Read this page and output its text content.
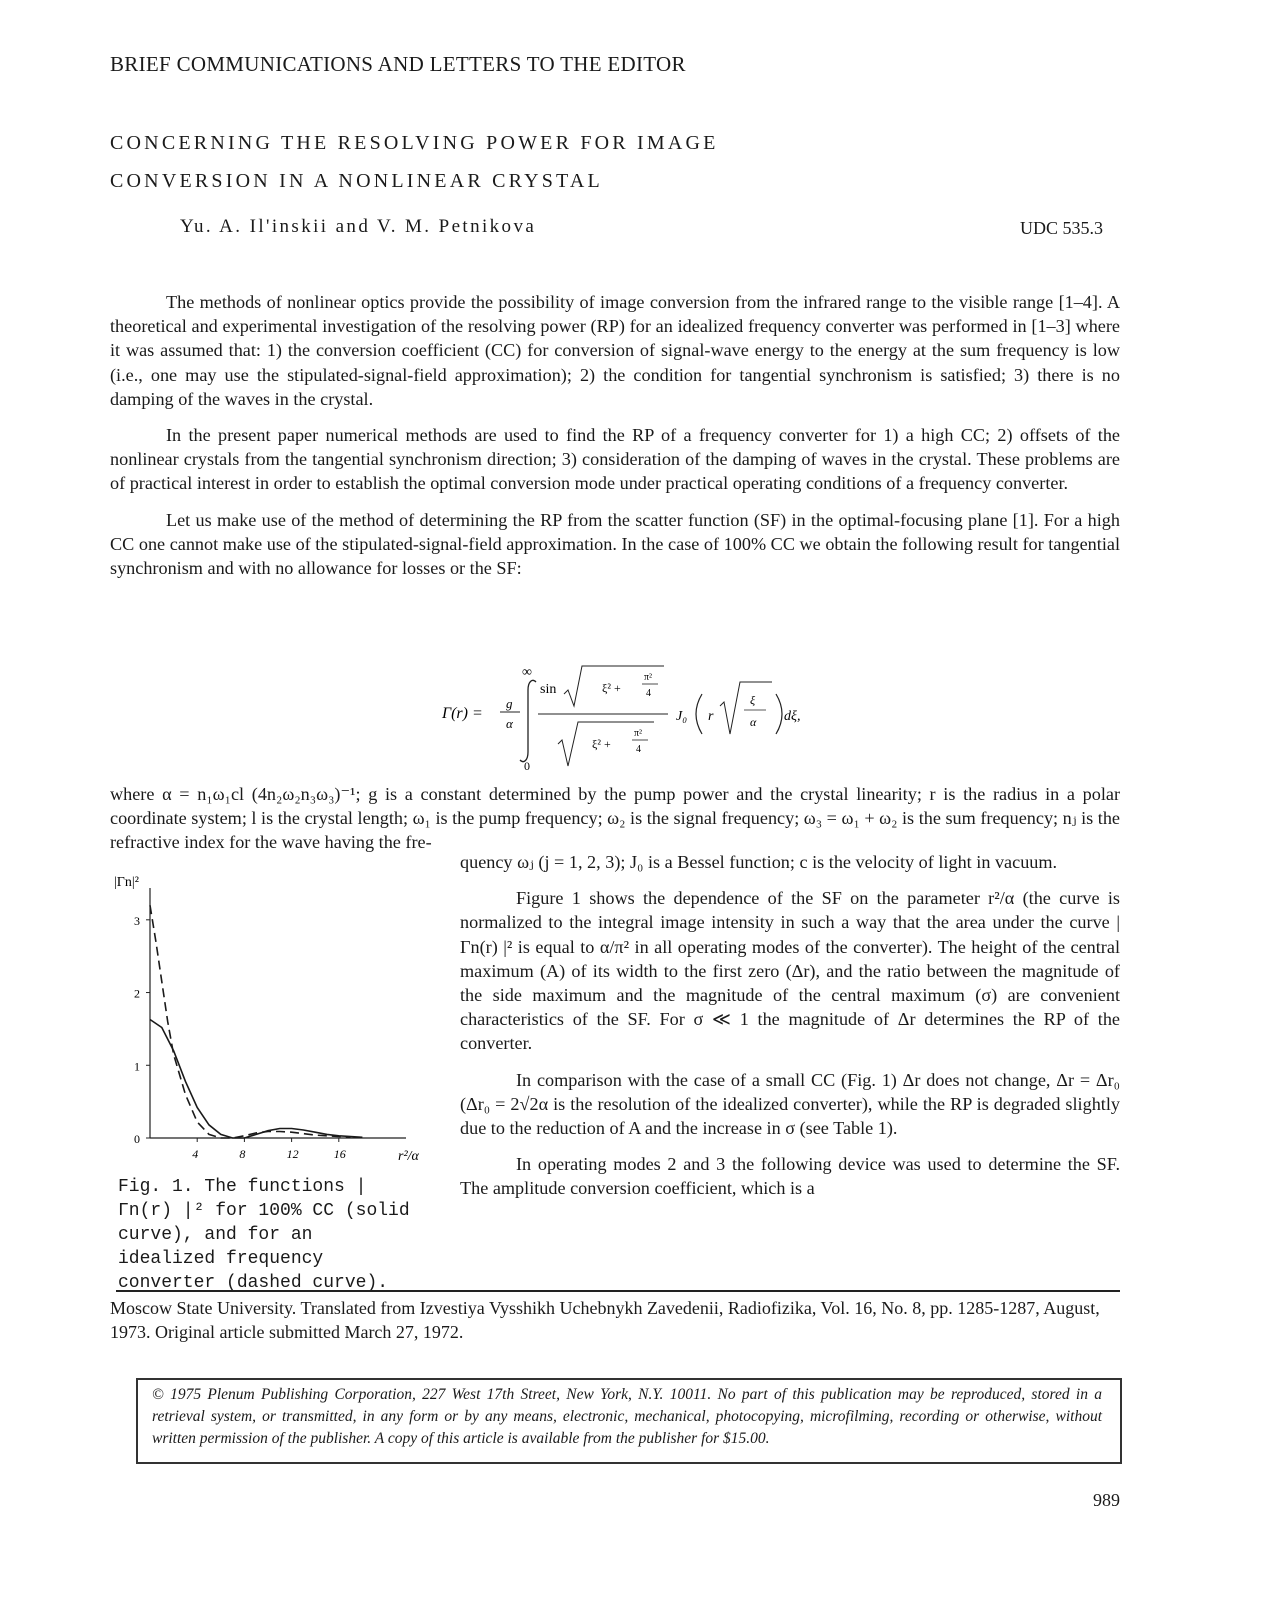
BRIEF COMMUNICATIONS AND LETTERS TO THE EDITOR
CONCERNING THE RESOLVING POWER FOR IMAGE
CONVERSION IN A NONLINEAR CRYSTAL
Yu. A. Il'inskii and V. M. Petnikova	UDC 535.3

The methods of nonlinear optics provide the possibility of image conversion from the infrared range to the visible range [1–4]. A theoretical and experimental investigation of the resolving power (RP) for an idealized frequency converter was performed in [1–3] where it was assumed that: 1) the conversion coefficient (CC) for conversion of signal-wave energy to the energy at the sum frequency is low (i.e., one may use the stipulated-signal-field approximation); 2) the condition for tangential synchronism is satisfied; 3) there is no damping of the waves in the crystal.

In the present paper numerical methods are used to find the RP of a frequency converter for 1) a high CC; 2) offsets of the nonlinear crystals from the tangential synchronism direction; 3) consideration of the damping of waves in the crystal. These problems are of practical interest in order to establish the optimal conversion mode under practical operating conditions of a frequency converter.

Let us make use of the method of determining the RP from the scatter function (SF) in the optimal-focusing plane [1]. For a high CC one cannot make use of the stipulated-signal-field approximation. In the case of 100% CC we obtain the following result for tangential synchronism and with no allowance for losses or the SF:

Γ(r) =
g
α
∞
0
sin	ξ² +
π²
4
ξ² +
π²
4
J₀ r
ξ
α dξ,

where α = n₁ω₁cl (4n₂ω₂n₃ω₃)⁻¹; g is a constant determined by the pump power and the crystal linearity; r is the radius in a polar coordinate system; l is the crystal length; ω₁ is the pump frequency; ω₂ is the signal frequency; ω₃ = ω₁ + ω₂ is the sum frequency; nⱼ is the refractive index for the wave having the fre-

|Γn|²
0
1
2
3
4	8	12	16	r²/α
Fig. 1. The functions | Γn(r) |² for 100% CC (solid curve), and for an idealized frequency converter (dashed curve).

quency ωⱼ (j = 1, 2, 3); J₀ is a Bessel function; c is the velocity of light in vacuum.

Figure 1 shows the dependence of the SF on the parameter r²/α (the curve is normalized to the integral image intensity in such a way that the area under the curve | Γn(r) |² is equal to α/π² in all operating modes of the converter). The height of the central maximum (A) of its width to the first zero (Δr), and the ratio between the magnitude of the side maximum and the magnitude of the central maximum (σ) are convenient characteristics of the SF. For σ ≪ 1 the magnitude of Δr determines the RP of the converter.

In comparison with the case of a small CC (Fig. 1) Δr does not change, Δr = Δr₀ (Δr₀ = 2√2α is the resolution of the idealized converter), while the RP is degraded slightly due to the reduction of A and the increase in σ (see Table 1).

In operating modes 2 and 3 the following device was used to determine the SF. The amplitude conversion coefficient, which is a

Moscow State University. Translated from Izvestiya Vysshikh Uchebnykh Zavedenii, Radiofizika, Vol. 16, No. 8, pp. 1285-1287, August, 1973. Original article submitted March 27, 1972.
© 1975 Plenum Publishing Corporation, 227 West 17th Street, New York, N.Y. 10011. No part of this publication may be reproduced, stored in a retrieval system, or transmitted, in any form or by any means, electronic, mechanical, photocopying, microfilming, recording or otherwise, without written permission of the publisher. A copy of this article is available from the publisher for $15.00.
989
